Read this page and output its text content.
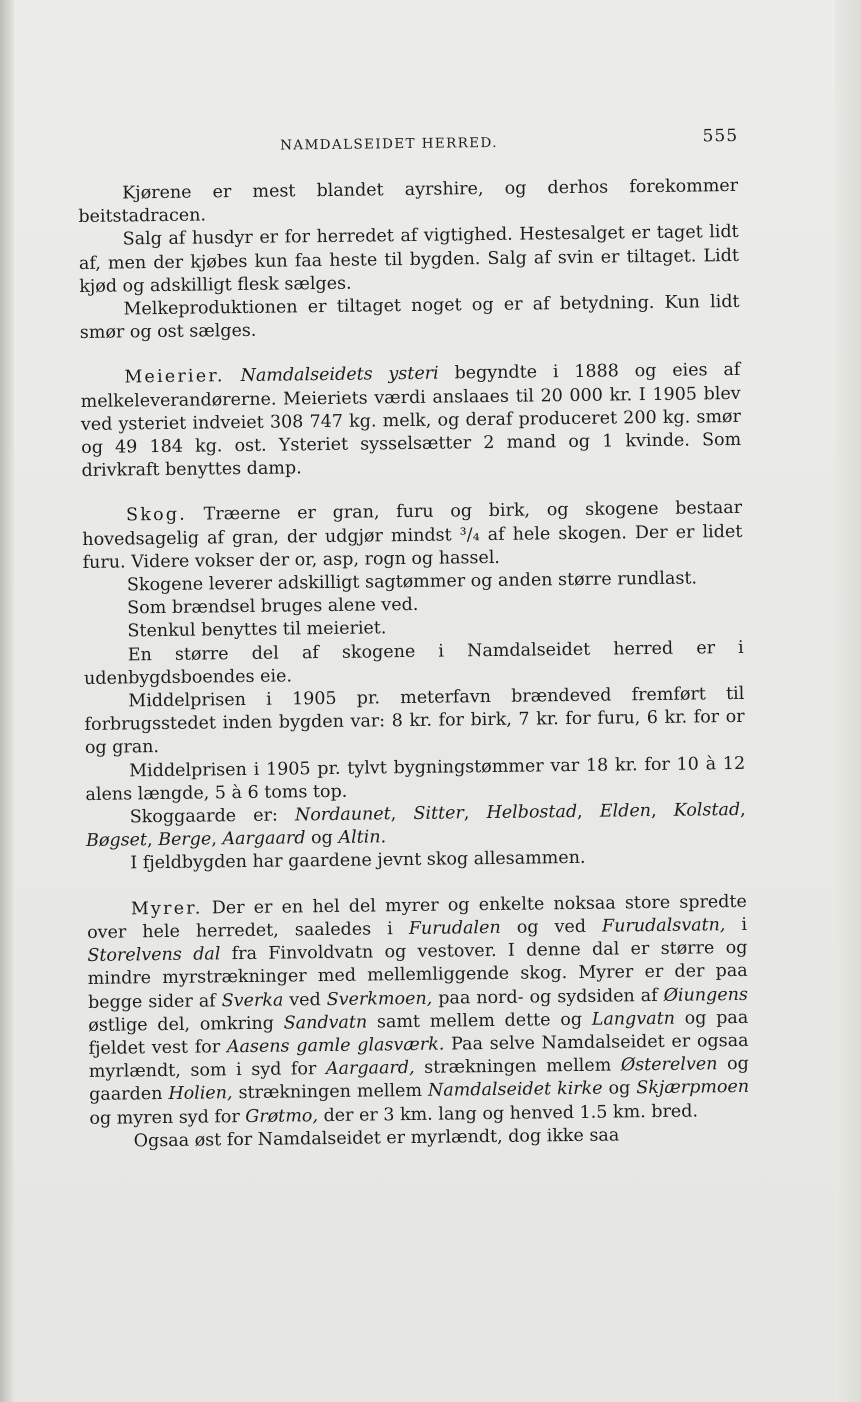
NAMDALSEIDET HERRED.	555

Kjørene er mest blandet ayrshire, og derhos forekommer beitstadracen.

Salg af husdyr er for herredet af vigtighed. Hestesalget er taget lidt af, men der kjøbes kun faa heste til bygden. Salg af svin er tiltaget. Lidt kjød og adskilligt flesk sælges.

Melkeproduktionen er tiltaget noget og er af betydning. Kun lidt smør og ost sælges.

Meierier. Namdalseidets ysteri begyndte i 1888 og eies af melkeleverandørerne. Meieriets værdi anslaaes til 20 000 kr. I 1905 blev ved ysteriet indveiet 308 747 kg. melk, og deraf produceret 200 kg. smør og 49 184 kg. ost. Ysteriet sysselsætter 2 mand og 1 kvinde. Som drivkraft benyttes damp.

Skog. Træerne er gran, furu og birk, og skogene bestaar hovedsagelig af gran, der udgjør mindst ³/₄ af hele skogen. Der er lidet furu. Videre vokser der or, asp, rogn og hassel.

Skogene leverer adskilligt sagtømmer og anden større rundlast.

Som brændsel bruges alene ved.

Stenkul benyttes til meieriet.

En større del af skogene i Namdalseidet herred er i udenbygdsboendes eie.

Middelprisen i 1905 pr. meterfavn brændeved fremført til forbrugsstedet inden bygden var: 8 kr. for birk, 7 kr. for furu, 6 kr. for or og gran.

Middelprisen i 1905 pr. tylvt bygningstømmer var 18 kr. for 10 à 12 alens længde, 5 à 6 toms top.

Skoggaarde er: Nordaunet, Sitter, Helbostad, Elden, Kolstad, Bøgset, Berge, Aargaard og Altin.

I fjeldbygden har gaardene jevnt skog allesammen.

Myrer. Der er en hel del myrer og enkelte noksaa store spredte over hele herredet, saaledes i Furudalen og ved Furudalsvatn, i Storelvens dal fra Finvoldvatn og vestover. I denne dal er større og mindre myrstrækninger med mellemliggende skog. Myrer er der paa begge sider af Sverka ved Sverkmoen, paa nord- og sydsiden af Øiungens østlige del, omkring Sandvatn samt mellem dette og Langvatn og paa fjeldet vest for Aasens gamle glasværk. Paa selve Namdalseidet er ogsaa myrlændt, som i syd for Aargaard, strækningen mellem Østerelven og gaarden Holien, strækningen mellem Namdalseidet kirke og Skjærpmoen og myren syd for Grøtmo, der er 3 km. lang og henved 1.5 km. bred.

Ogsaa øst for Namdalseidet er myrlændt, dog ikke saa
